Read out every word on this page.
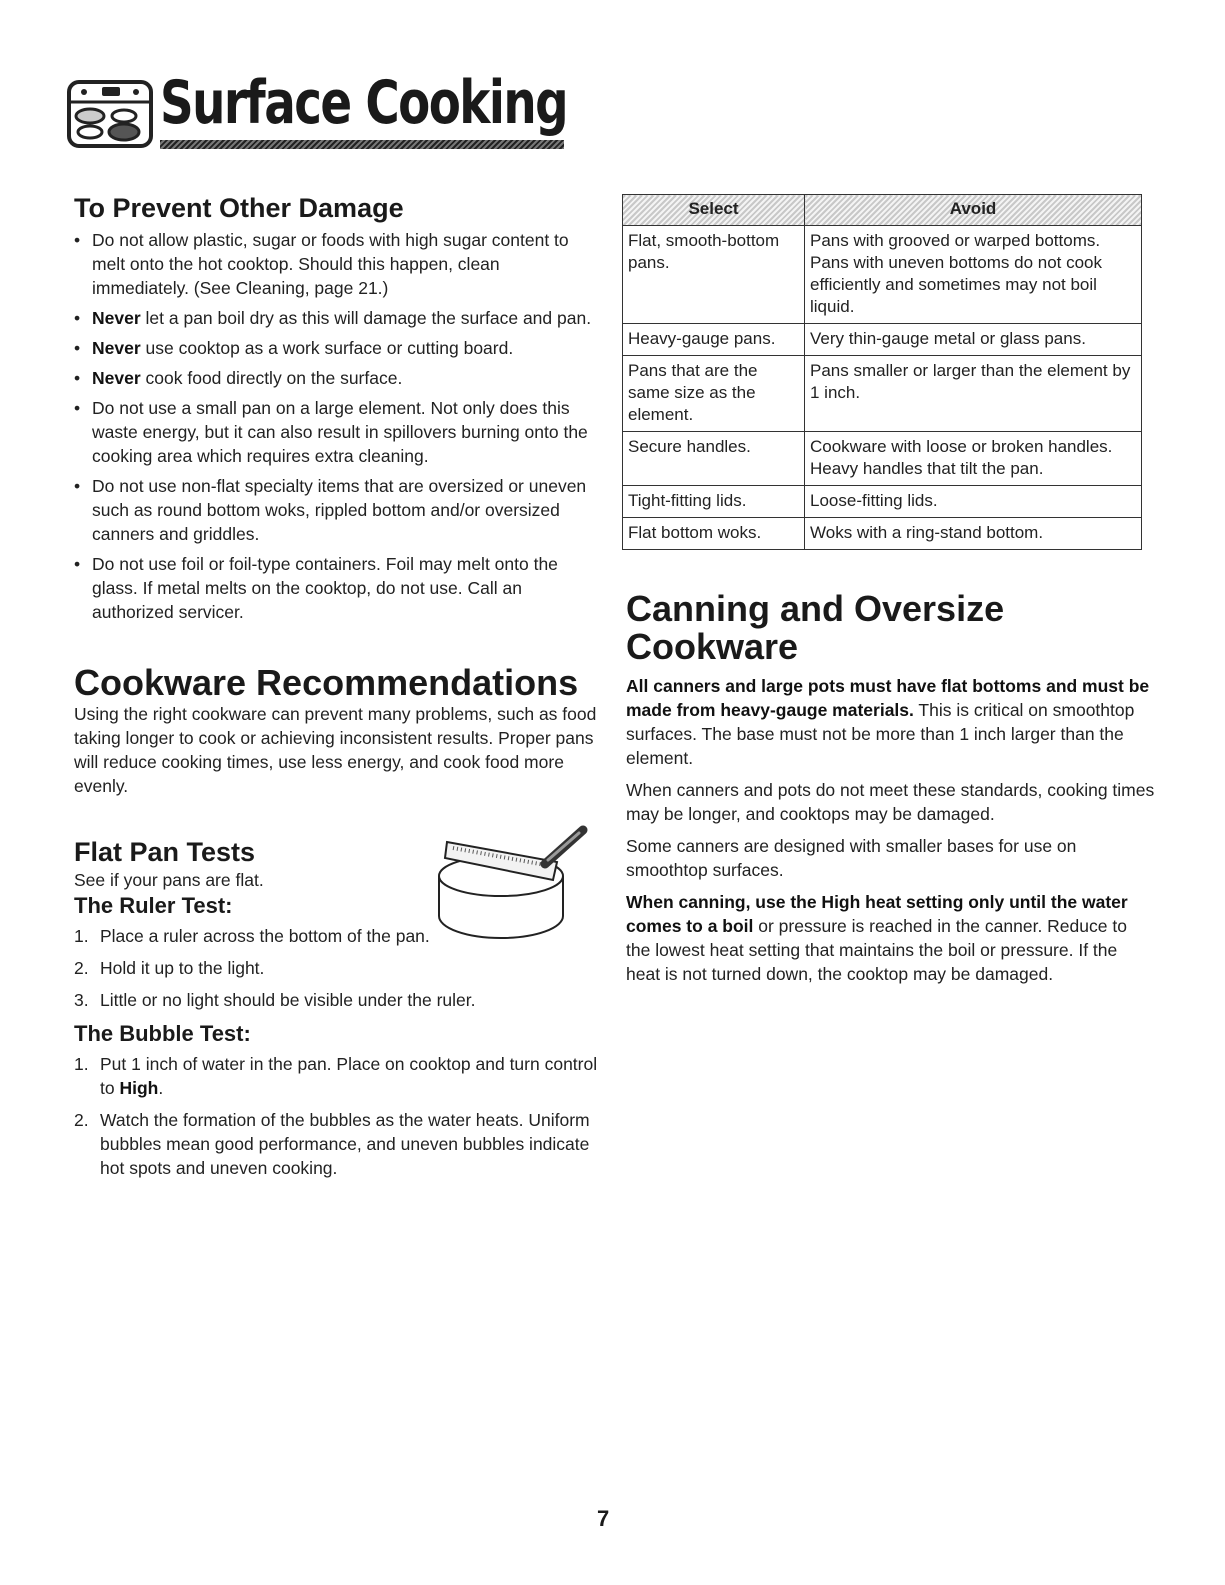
Surface Cooking
To Prevent Other Damage
• Do not allow plastic, sugar or foods with high sugar content to melt onto the hot cooktop. Should this happen, clean immediately. (See Cleaning, page 21.)
• Never let a pan boil dry as this will damage the surface and pan.
• Never use cooktop as a work surface or cutting board.
• Never cook food directly on the surface.
• Do not use a small pan on a large element. Not only does this waste energy, but it can also result in spillovers burning onto the cooking area which requires extra cleaning.
• Do not use non-flat specialty items that are oversized or uneven such as round bottom woks, rippled bottom and/or oversized canners and griddles.
• Do not use foil or foil-type containers. Foil may melt onto the glass. If metal melts on the cooktop, do not use. Call an authorized servicer.
Cookware Recommendations

Using the right cookware can prevent many problems, such as food taking longer to cook or achieving inconsistent results. Proper pans will reduce cooking times, use less energy, and cook food more evenly.

Flat Pan Tests

See if your pans are flat.

The Ruler Test:
1. Place a ruler across the bottom of the pan.
2. Hold it up to the light.
3. Little or no light should be visible under the ruler.
The Bubble Test:
1. Put 1 inch of water in the pan. Place on cooktop and turn control to High.
2. Watch the formation of the bubbles as the water heats. Uniform bubbles mean good performance, and uneven bubbles indicate hot spots and uneven cooking.
Select	Avoid
Flat, smooth-bottom pans.	Pans with grooved or warped bottoms. Pans with uneven bottoms do not cook efficiently and sometimes may not boil liquid.
Heavy-gauge pans.	Very thin-gauge metal or glass pans.
Pans that are the same size as the element.	Pans smaller or larger than the element by 1 inch.
Secure handles.	Cookware with loose or broken handles. Heavy handles that tilt the pan.
Tight-fitting lids.	Loose-fitting lids.
Flat bottom woks.	Woks with a ring-stand bottom.
Canning and Oversize Cookware

All canners and large pots must have flat bottoms and must be made from heavy-gauge materials. This is critical on smoothtop surfaces. The base must not be more than 1 inch larger than the element.

When canners and pots do not meet these standards, cooking times may be longer, and cooktops may be damaged.

Some canners are designed with smaller bases for use on smoothtop surfaces.

When canning, use the High heat setting only until the water comes to a boil or pressure is reached in the canner. Reduce to the lowest heat setting that maintains the boil or pressure. If the heat is not turned down, the cooktop may be damaged.

7
